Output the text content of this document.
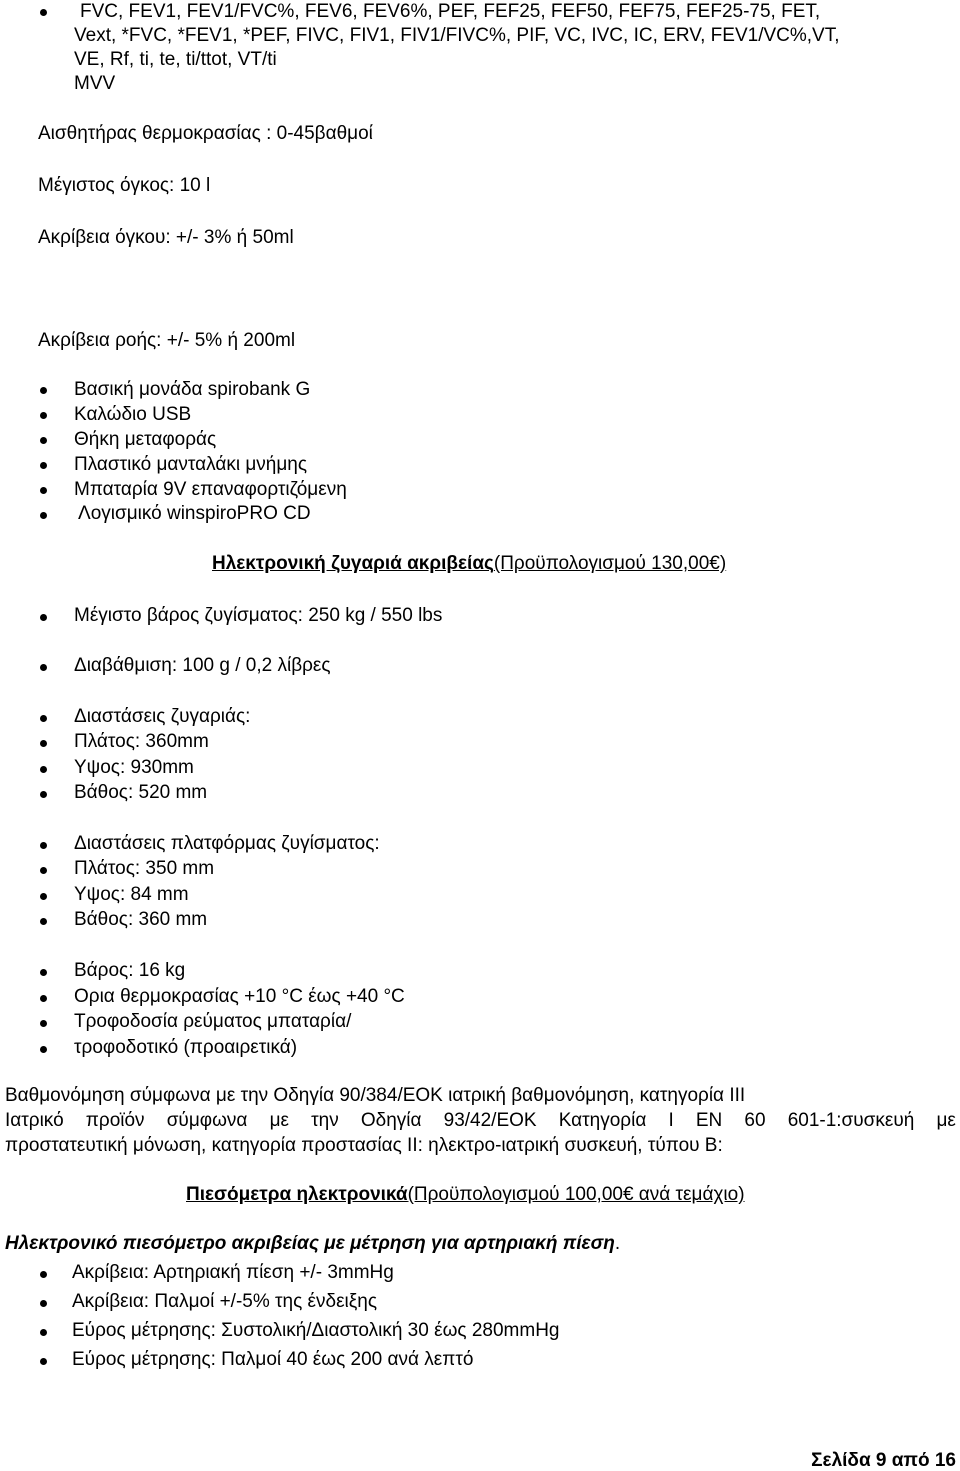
FVC, FEV1, FEV1/FVC%, FEV6, FEV6%, PEF, FEF25, FEF50, FEF75, FEF25-75, FET,
Vext, *FVC, *FEV1, *PEF, FIVC, FIV1, FIV1/FIVC%, PIF, VC, IVC, IC, ERV, FEV1/VC%,VT,
VE, Rf, ti, te, ti/ttot, VT/ti
MVV
Αισθητήρας θερμοκρασίας : 0-45βαθμοί
Μέγιστος όγκος: 10 l
Ακρίβεια όγκου: +/- 3% ή 50ml
Ακρίβεια ροής: +/- 5% ή 200ml
Βασική μονάδα spirobank G
Καλώδιο USB
Θήκη μεταφοράς
Πλαστικό μανταλάκι μνήμης
Μπαταρία 9V επαναφορτιζόμενη
Λογισμικό winspiroPRO CD
Ηλεκτρονική ζυγαριά ακριβείας(Προϋπολογισμού 130,00€)
Μέγιστο βάρος ζυγίσματος: 250 kg / 550 lbs
Διαβάθμιση: 100 g / 0,2 λίβρες
Διαστάσεις ζυγαριάς:
Πλάτος: 360mm
Υψος: 930mm
Βάθος: 520 mm
Διαστάσεις πλατφόρμας ζυγίσματος:
Πλάτος: 350 mm
Υψος: 84 mm
Βάθος: 360 mm
Βάρος: 16 kg
Ορια θερμοκρασίας +10 °C έως +40 °C
Τροφοδοσία ρεύματος μπαταρία/
τροφοδοτικό (προαιρετικά)
Βαθμονόμηση σύμφωνα με την Οδηγία 90/384/ΕΟΚ ιατρική βαθμονόμηση, κατηγορία III
Ιατρικό προϊόν σύμφωνα με την Οδηγία 93/42/ΕΟΚ Κατηγορία Ι ΕΝ 60 601-1:συσκευή με
προστατευτική μόνωση, κατηγορία προστασίας ΙΙ: ηλεκτρο-ιατρική συσκευή, τύπου Β:
Πιεσόμετρα ηλεκτρονικά(Προϋπολογισμού 100,00€ ανά τεμάχιο)
Ηλεκτρονικό πιεσόμετρο ακριβείας με μέτρηση για αρτηριακή πίεση.
Ακρίβεια: Αρτηριακή πίεση +/- 3mmHg
Ακρίβεια: Παλμοί +/-5% της ένδειξης
Εύρος μέτρησης: Συστολική/Διαστολική 30 έως 280mmHg
Εύρος μέτρησης: Παλμοί 40 έως 200 ανά λεπτό
Σελίδα 9 από 16
